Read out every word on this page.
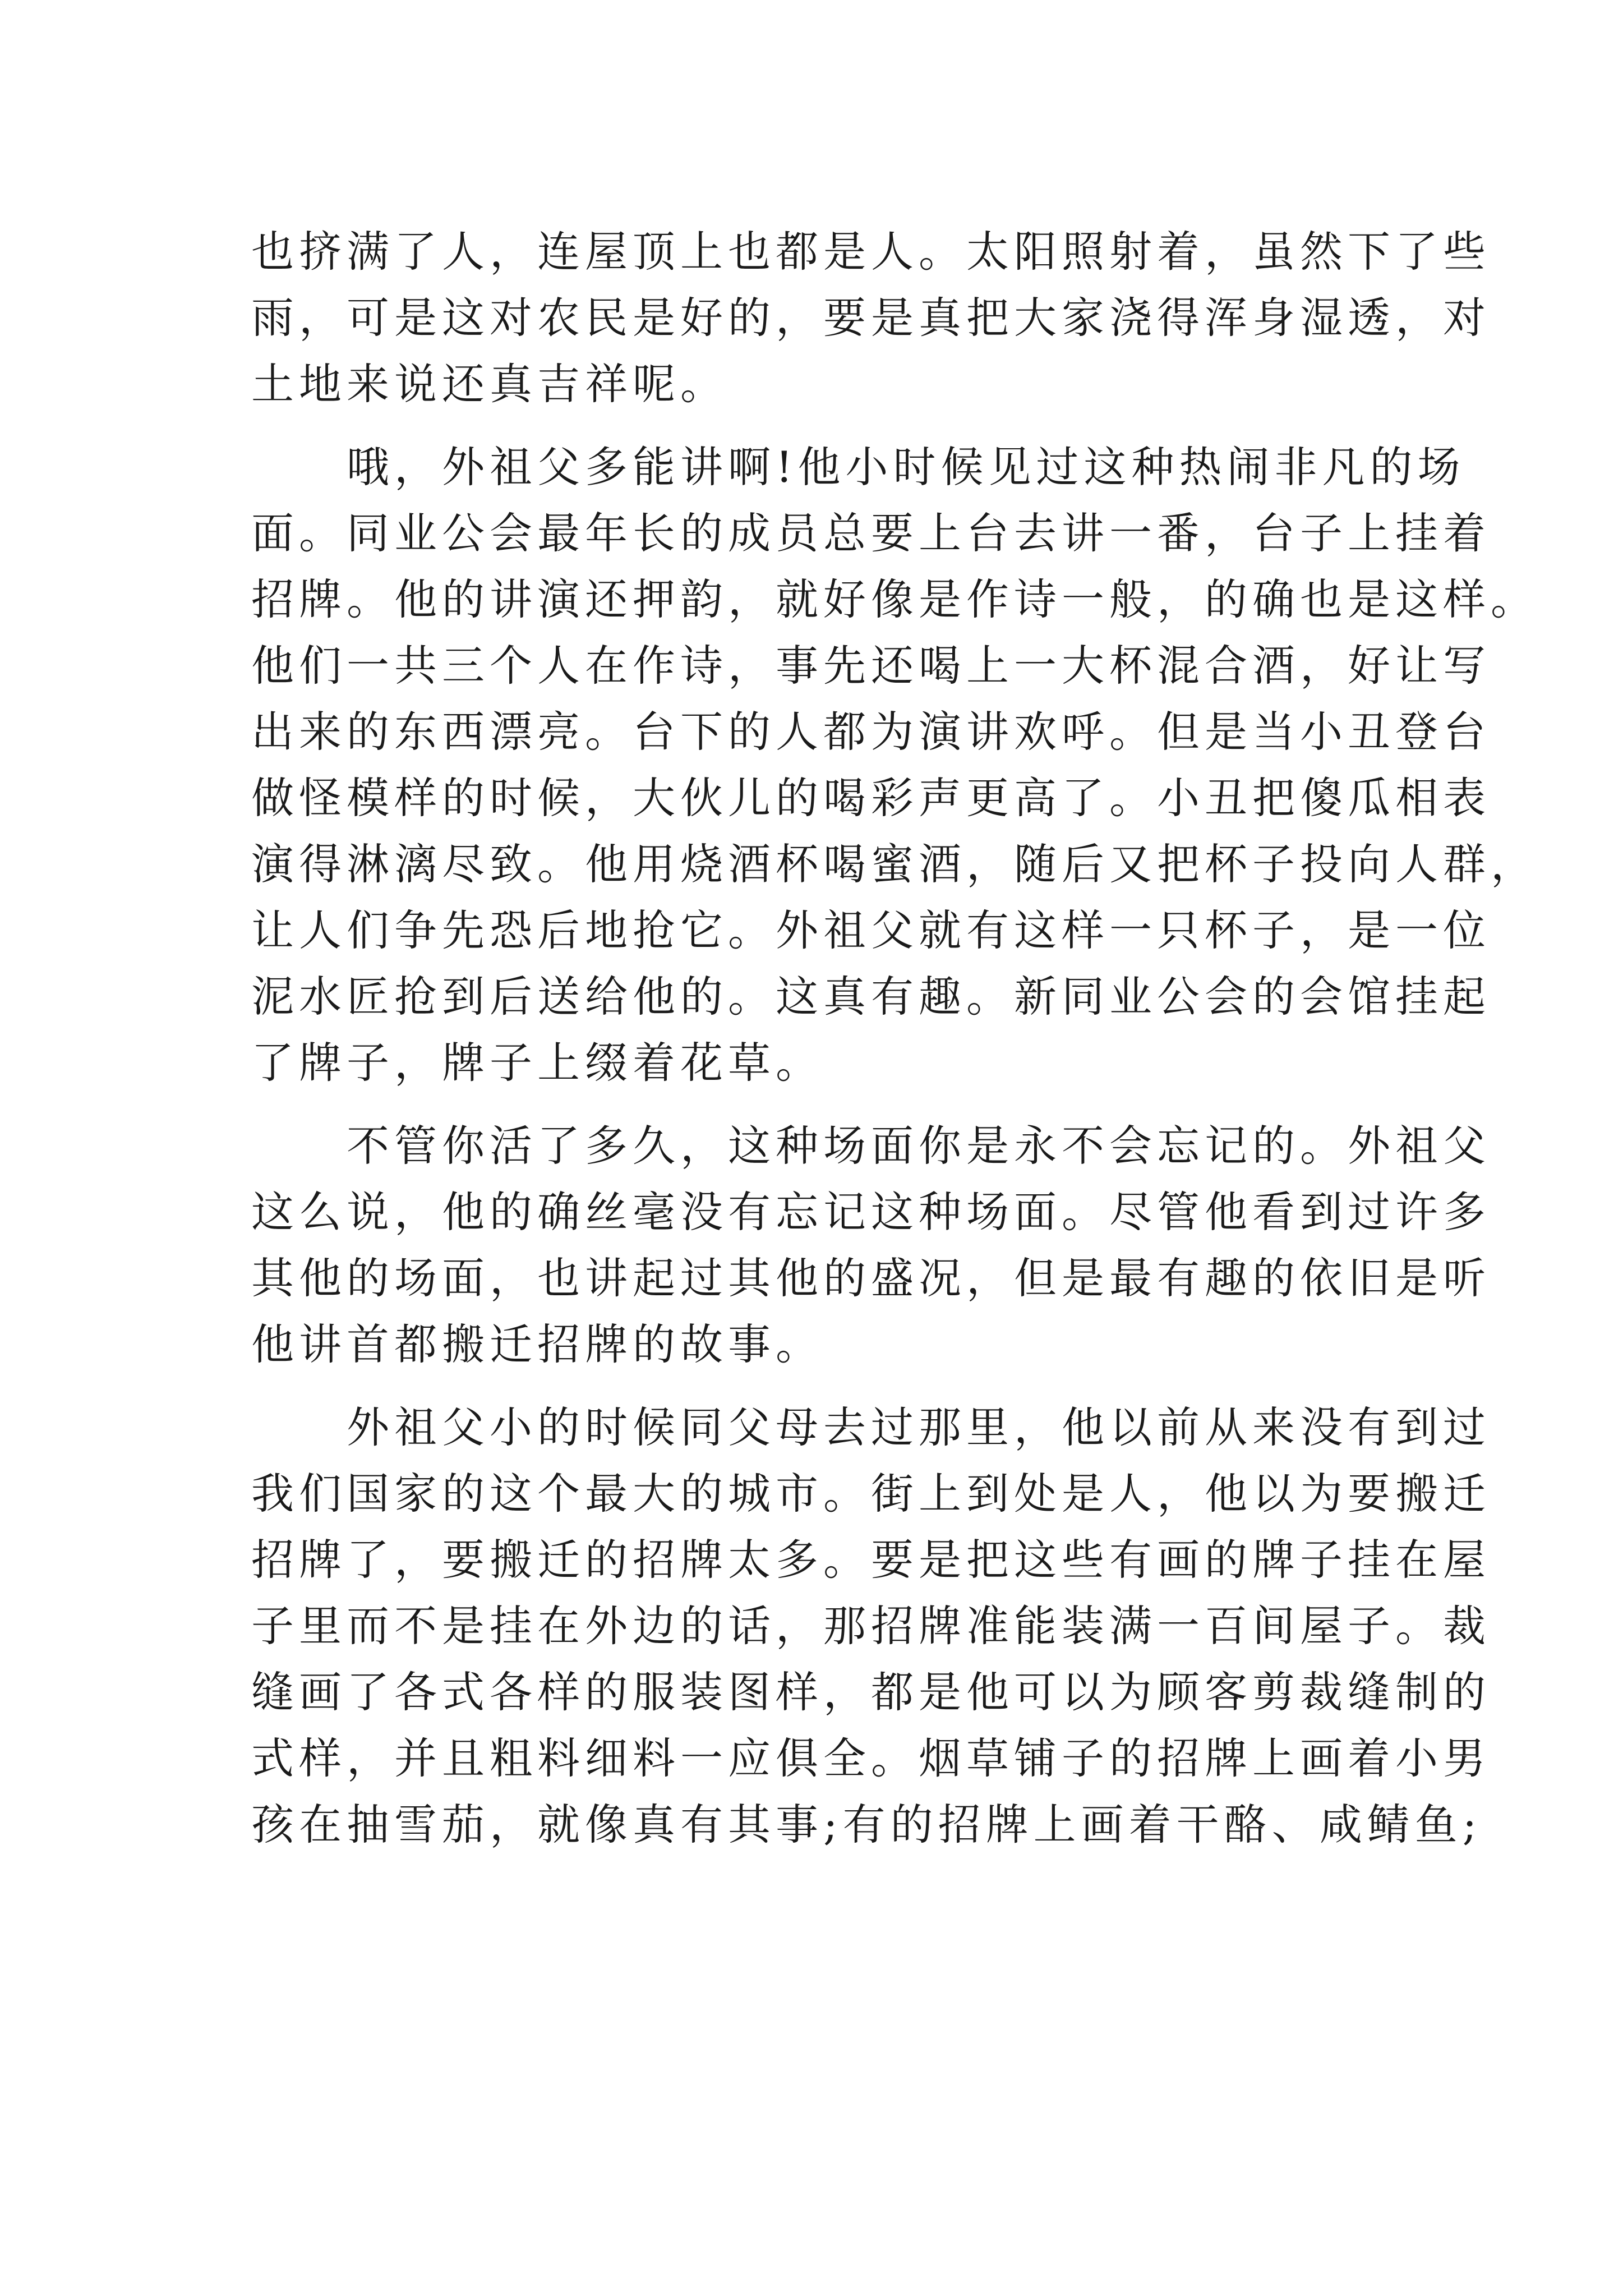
也挤满了人，连屋顶上也都是人。太阳照射着，虽然下了些
雨，可是这对农民是好的，要是真把大家浇得浑身湿透，对
土地来说还真吉祥呢。
　　哦，外祖父多能讲啊!他小时候见过这种热闹非凡的场
面。同业公会最年长的成员总要上台去讲一番，台子上挂着
招牌。他的讲演还押韵，就好像是作诗一般，的确也是这样。
他们一共三个人在作诗，事先还喝上一大杯混合酒，好让写
出来的东西漂亮。台下的人都为演讲欢呼。但是当小丑登台
做怪模样的时候，大伙儿的喝彩声更高了。小丑把傻瓜相表
演得淋漓尽致。他用烧酒杯喝蜜酒，随后又把杯子投向人群，
让人们争先恐后地抢它。外祖父就有这样一只杯子，是一位
泥水匠抢到后送给他的。这真有趣。新同业公会的会馆挂起
了牌子，牌子上缀着花草。
　　不管你活了多久，这种场面你是永不会忘记的。外祖父
这么说，他的确丝毫没有忘记这种场面。尽管他看到过许多
其他的场面，也讲起过其他的盛况，但是最有趣的依旧是听
他讲首都搬迁招牌的故事。
　　外祖父小的时候同父母去过那里，他以前从来没有到过
我们国家的这个最大的城市。街上到处是人，他以为要搬迁
招牌了，要搬迁的招牌太多。要是把这些有画的牌子挂在屋
子里而不是挂在外边的话，那招牌准能装满一百间屋子。裁
缝画了各式各样的服装图样，都是他可以为顾客剪裁缝制的
式样，并且粗料细料一应俱全。烟草铺子的招牌上画着小男
孩在抽雪茄，就像真有其事;有的招牌上画着干酪、咸鲭鱼;
